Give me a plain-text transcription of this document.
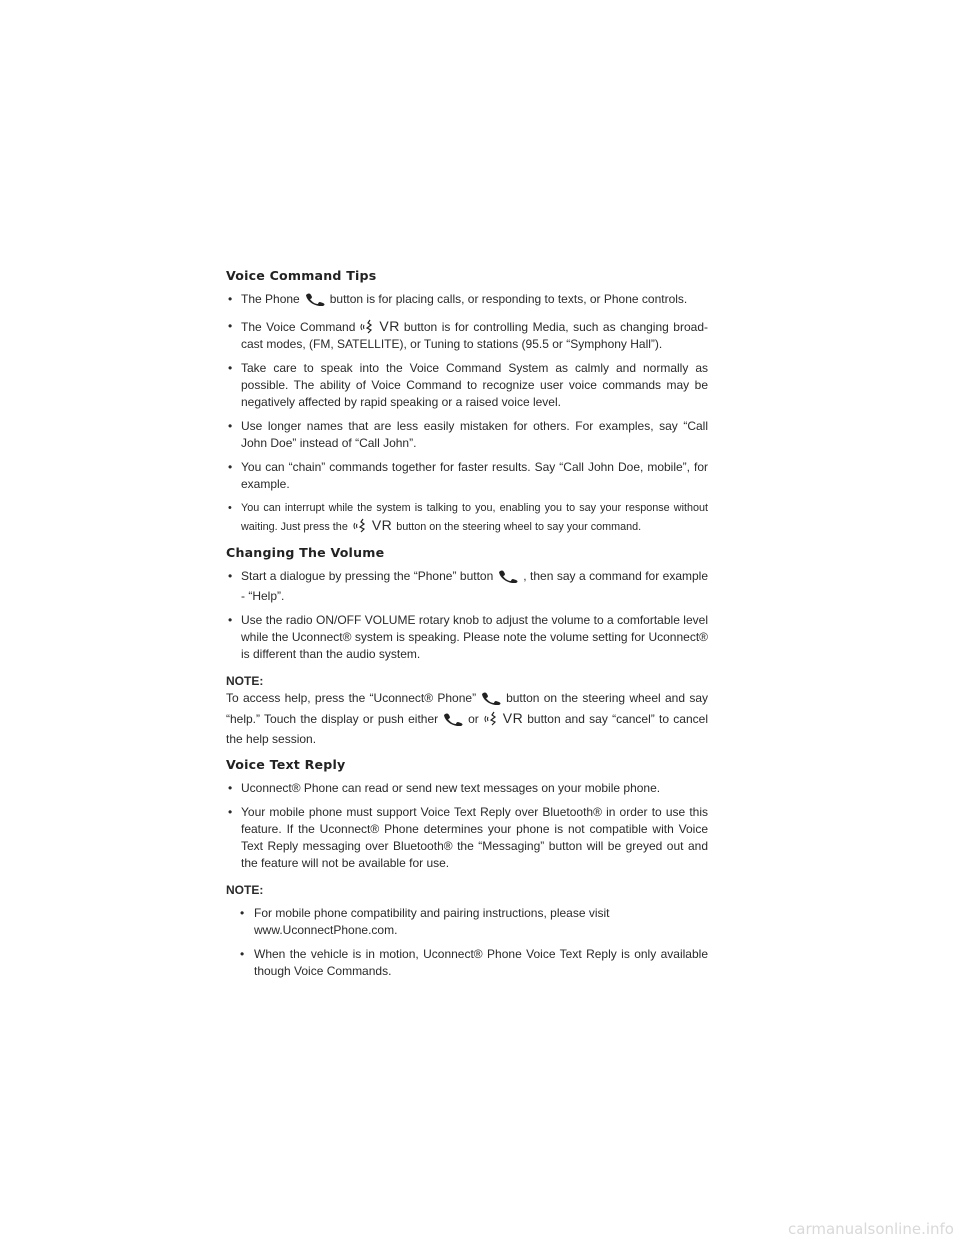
Voice Command Tips
• The Phone	button is for placing calls, or responding to texts, or Phone controls.
• The Voice Command VR button is for controlling Media, such as changing broad-cast modes, (FM, SATELLITE), or Tuning to stations (95.5 or “Symphony Hall”).
• Take care to speak into the Voice Command System as calmly and normally as possible. The ability of Voice Command to recognize user voice commands may be negatively affected by rapid speaking or a raised voice level.
• Use longer names that are less easily mistaken for others. For examples, say “Call John Doe” instead of “Call John”.
• You can “chain” commands together for faster results. Say “Call John Doe, mobile”, for example.
• You can interrupt while the system is talking to you, enabling you to say your response without waiting. Just press the VR button on the steering wheel to say your command.
Changing The Volume
• Start a dialogue by pressing the “Phone” button	, then say a command for example - “Help”.
• Use the radio ON/OFF VOLUME rotary knob to adjust the volume to a comfortable level while the Uconnect® system is speaking. Please note the volume setting for Uconnect® is different than the audio system.

NOTE:

To access help, press the “Uconnect® Phone”	button on the steering wheel and say “help.” Touch the display or push either	or VR button and say “cancel” to cancel the help session.

Voice Text Reply
• Uconnect® Phone can read or send new text messages on your mobile phone.
• Your mobile phone must support Voice Text Reply over Bluetooth® in order to use this feature. If the Uconnect® Phone determines your phone is not compatible with Voice Text Reply messaging over Bluetooth® the “Messaging” button will be greyed out and the feature will not be available for use.

NOTE:

• For mobile phone compatibility and pairing instructions, please visit www.UconnectPhone.com.
• When the vehicle is in motion, Uconnect® Phone Voice Text Reply is only available though Voice Commands.
carmanualsonline.info
